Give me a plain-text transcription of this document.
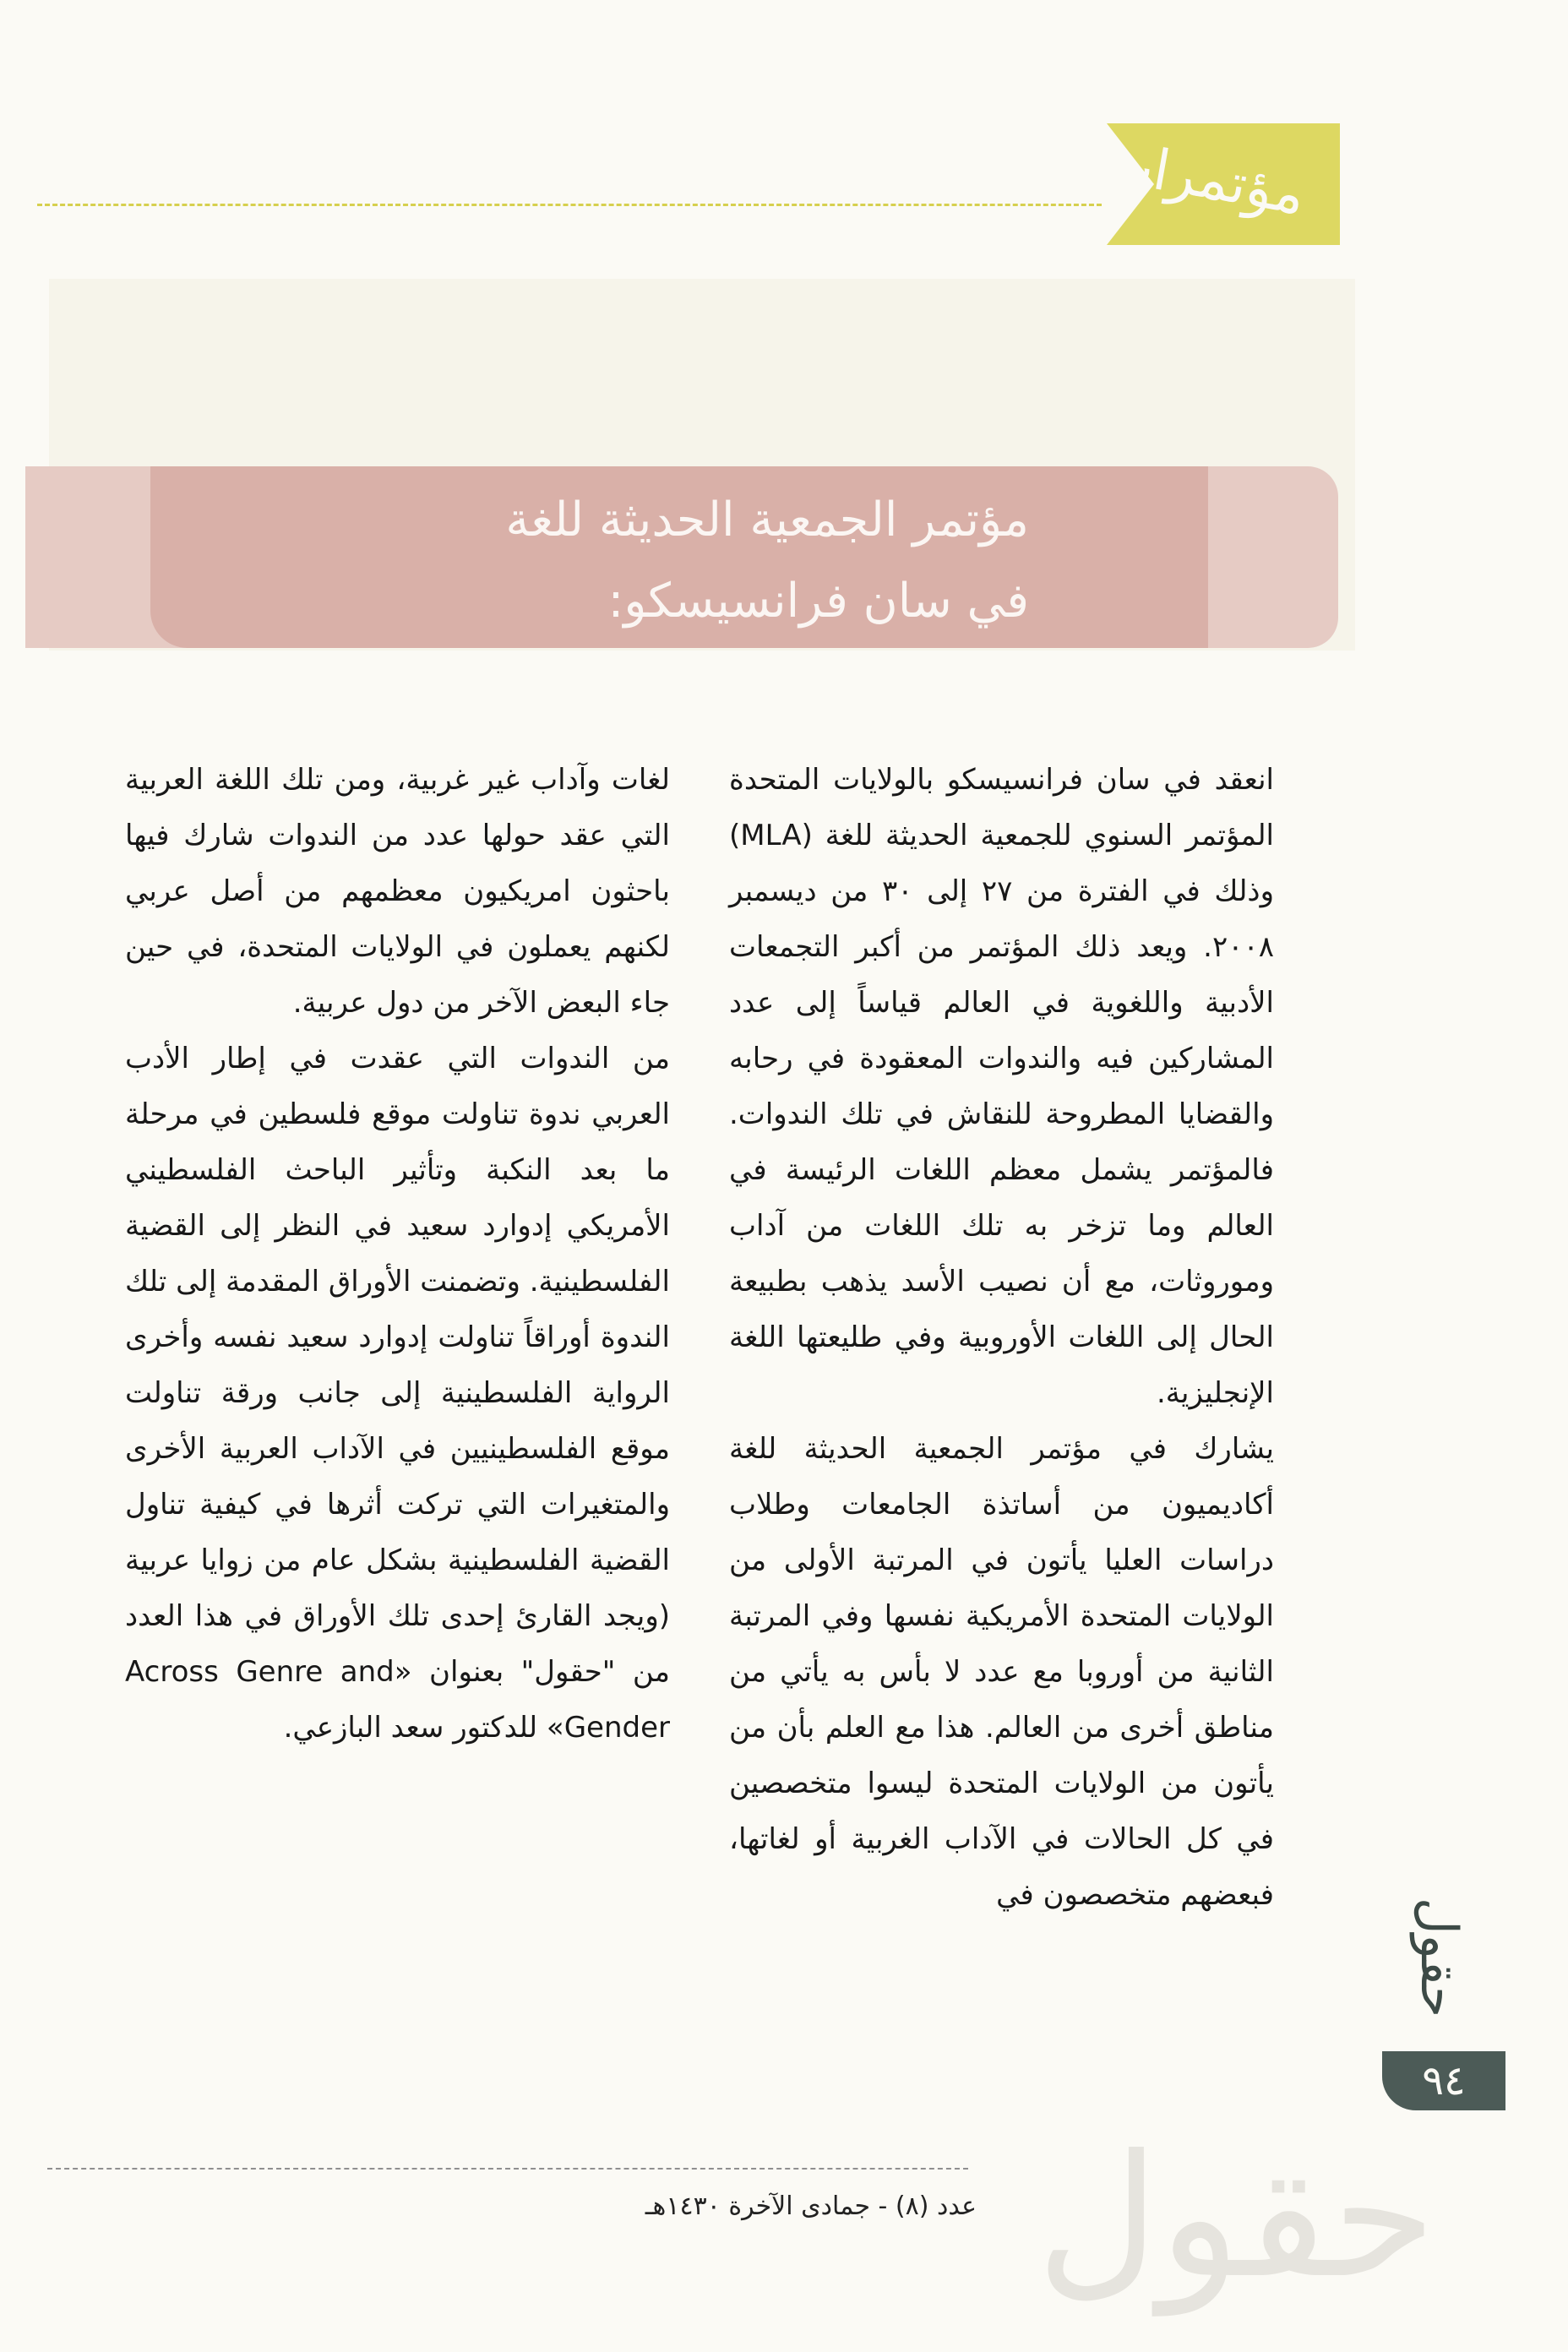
مؤتمرات
مؤتمر الجمعية الحديثة للغة
في سان فرانسيسكو:

انعقد في سان فرانسيسكو بالولايات المتحدة المؤتمر السنوي للجمعية الحديثة للغة (MLA) وذلك في الفترة من ٢٧ إلى ٣٠ من ديسمبر ٢٠٠٨. ويعد ذلك المؤتمر من أكبر التجمعات الأدبية واللغوية في العالم قياساً إلى عدد المشاركين فيه والندوات المعقودة في رحابه والقضايا المطروحة للنقاش في تلك الندوات. فالمؤتمر يشمل معظم اللغات الرئيسة في العالم وما تزخر به تلك اللغات من آداب وموروثات، مع أن نصيب الأسد يذهب بطبيعة الحال إلى اللغات الأوروبية وفي طليعتها اللغة الإنجليزية.

يشارك في مؤتمر الجمعية الحديثة للغة أكاديميون من أساتذة الجامعات وطلاب دراسات العليا يأتون في المرتبة الأولى من الولايات المتحدة الأمريكية نفسها وفي المرتبة الثانية من أوروبا مع عدد لا بأس به يأتي من مناطق أخرى من العالم. هذا مع العلم بأن من يأتون من الولايات المتحدة ليسوا متخصصين في كل الحالات في الآداب الغربية أو لغاتها، فبعضهم متخصصون في

لغات وآداب غير غربية، ومن تلك اللغة العربية التي عقد حولها عدد من الندوات شارك فيها باحثون امريكيون معظمهم من أصل عربي لكنهم يعملون في الولايات المتحدة، في حين جاء البعض الآخر من دول عربية.

من الندوات التي عقدت في إطار الأدب العربي ندوة تناولت موقع فلسطين في مرحلة ما بعد النكبة وتأثير الباحث الفلسطيني الأمريكي إدوارد سعيد في النظر إلى القضية الفلسطينية. وتضمنت الأوراق المقدمة إلى تلك الندوة أوراقاً تناولت إدوارد سعيد نفسه وأخرى الرواية الفلسطينية إلى جانب ورقة تناولت موقع الفلسطينيين في الآداب العربية الأخرى والمتغيرات التي تركت أثرها في كيفية تناول القضية الفلسطينية بشكل عام من زوايا عربية (ويجد القارئ إحدى تلك الأوراق في هذا العدد من "حقول" بعنوان «Across Genre and Gender» للدكتور سعد البازعي.

حقول
٩٤
حقول
عدد (٨) - جمادى الآخرة ١٤٣٠هـ
